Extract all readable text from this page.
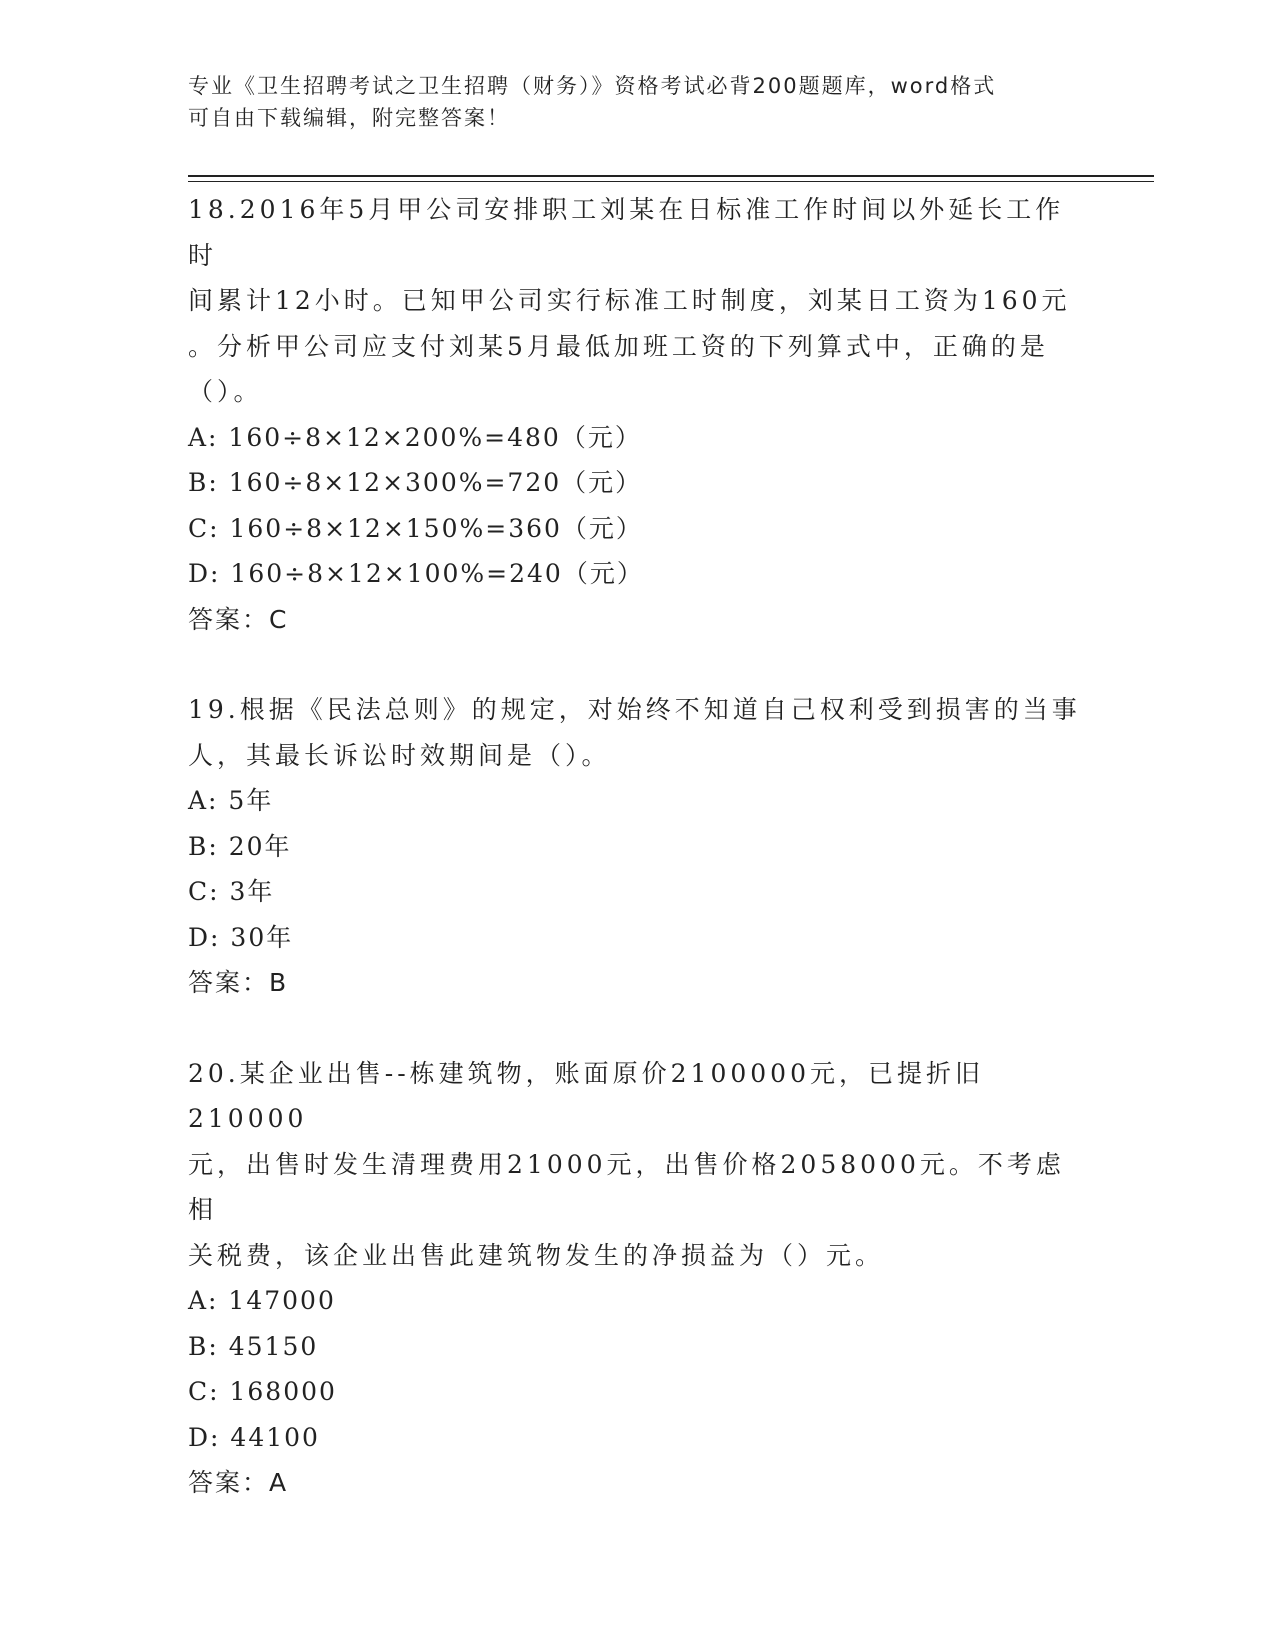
专业《卫生招聘考试之卫生招聘（财务）》资格考试必背200题题库，word格式
可自由下载编辑，附完整答案！
18.2016年5月甲公司安排职工刘某在日标准工作时间以外延长工作时
间累计12小时。已知甲公司实行标准工时制度，刘某日工资为160元
。分析甲公司应支付刘某5月最低加班工资的下列算式中，正确的是
（）。
A: 160÷8×12×200%=480（元）
B: 160÷8×12×300%=720（元）
C: 160÷8×12×150%=360（元）
D: 160÷8×12×100%=240（元）
答案：C
19.根据《民法总则》的规定，对始终不知道自己权利受到损害的当事
人，其最长诉讼时效期间是（）。
A: 5年
B: 20年
C: 3年
D: 30年
答案：B
20.某企业出售--栋建筑物，账面原价2100000元，已提折旧210000
元，出售时发生清理费用21000元，出售价格2058000元。不考虑相
关税费，该企业出售此建筑物发生的净损益为（）元。
A: 147000
B: 45150
C: 168000
D: 44100
答案：A
